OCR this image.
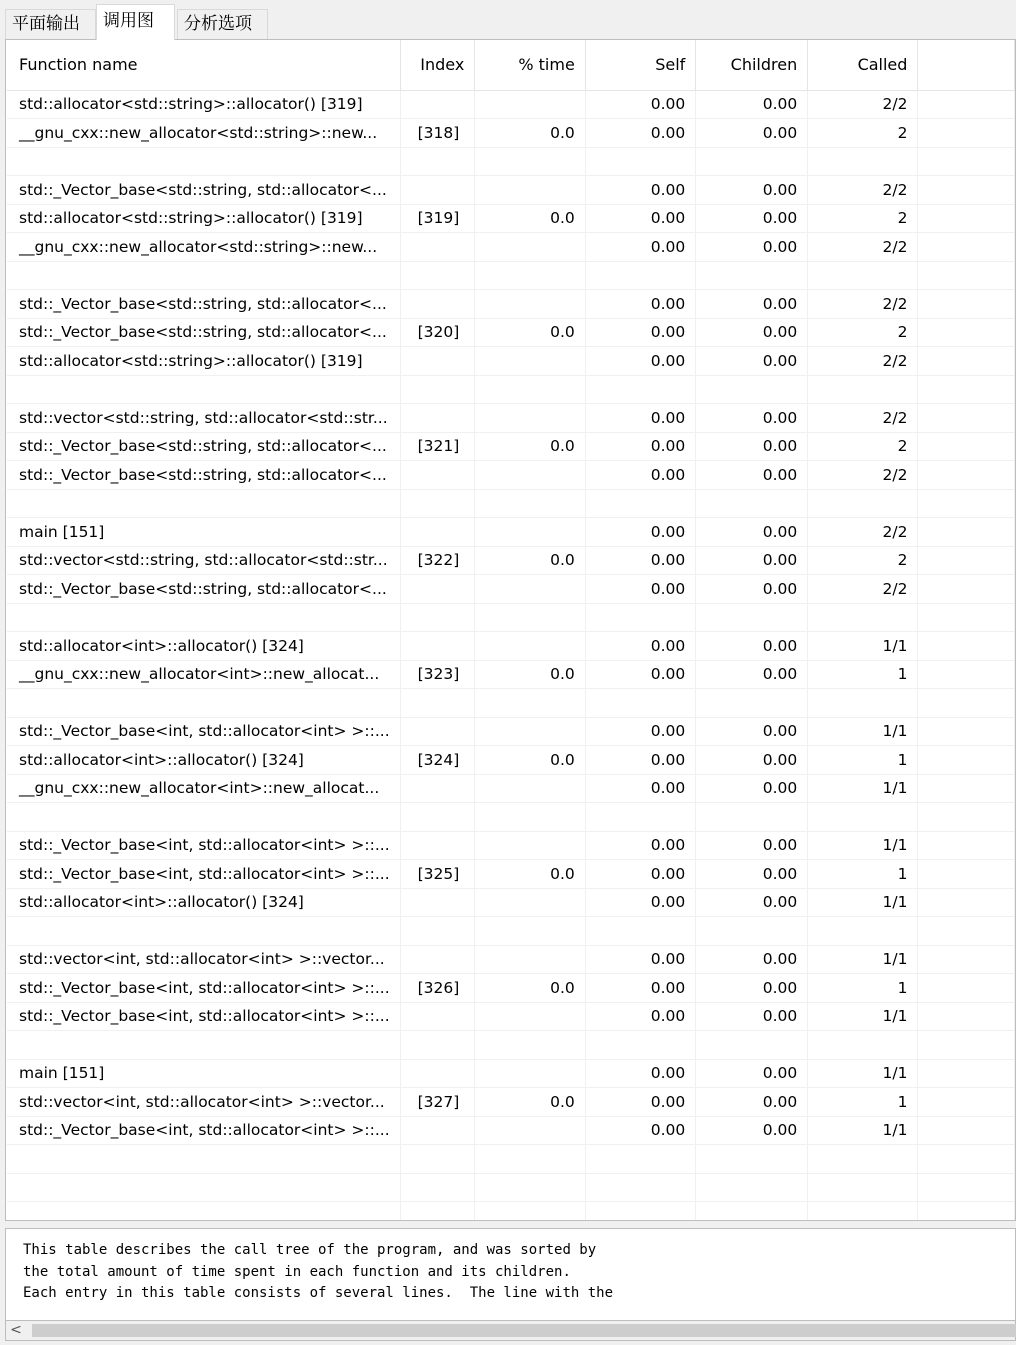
平面输出	调用图	分析选项
Function name	Index	% time	Self	Children	Called	
std::allocator<std::string>::allocator() [319]			0.00	0.00	2/2	
__gnu_cxx::new_allocator<std::string>::new...	[318]	0.0	0.00	0.00	2	

std::_Vector_base<std::string, std::allocator<...			0.00	0.00	2/2	
std::allocator<std::string>::allocator() [319]	[319]	0.0	0.00	0.00	2	
__gnu_cxx::new_allocator<std::string>::new...			0.00	0.00	2/2	

std::_Vector_base<std::string, std::allocator<...			0.00	0.00	2/2	
std::_Vector_base<std::string, std::allocator<...	[320]	0.0	0.00	0.00	2	
std::allocator<std::string>::allocator() [319]			0.00	0.00	2/2	

std::vector<std::string, std::allocator<std::str...			0.00	0.00	2/2	
std::_Vector_base<std::string, std::allocator<...	[321]	0.0	0.00	0.00	2	
std::_Vector_base<std::string, std::allocator<...			0.00	0.00	2/2	

main [151]			0.00	0.00	2/2	
std::vector<std::string, std::allocator<std::str...	[322]	0.0	0.00	0.00	2	
std::_Vector_base<std::string, std::allocator<...			0.00	0.00	2/2	

std::allocator<int>::allocator() [324]			0.00	0.00	1/1	
__gnu_cxx::new_allocator<int>::new_allocat...	[323]	0.0	0.00	0.00	1	

std::_Vector_base<int, std::allocator<int> >::...			0.00	0.00	1/1	
std::allocator<int>::allocator() [324]	[324]	0.0	0.00	0.00	1	
__gnu_cxx::new_allocator<int>::new_allocat...			0.00	0.00	1/1	

std::_Vector_base<int, std::allocator<int> >::...			0.00	0.00	1/1	
std::_Vector_base<int, std::allocator<int> >::...	[325]	0.0	0.00	0.00	1	
std::allocator<int>::allocator() [324]			0.00	0.00	1/1	

std::vector<int, std::allocator<int> >::vector...			0.00	0.00	1/1	
std::_Vector_base<int, std::allocator<int> >::...	[326]	0.0	0.00	0.00	1	
std::_Vector_base<int, std::allocator<int> >::...			0.00	0.00	1/1	

main [151]			0.00	0.00	1/1	
std::vector<int, std::allocator<int> >::vector...	[327]	0.0	0.00	0.00	1	
std::_Vector_base<int, std::allocator<int> >::...			0.00	0.00	1/1	

This table describes the call tree of the program, and was sorted by
the total amount of time spent in each function and its children.
Each entry in this table consists of several lines.  The line with the
<
